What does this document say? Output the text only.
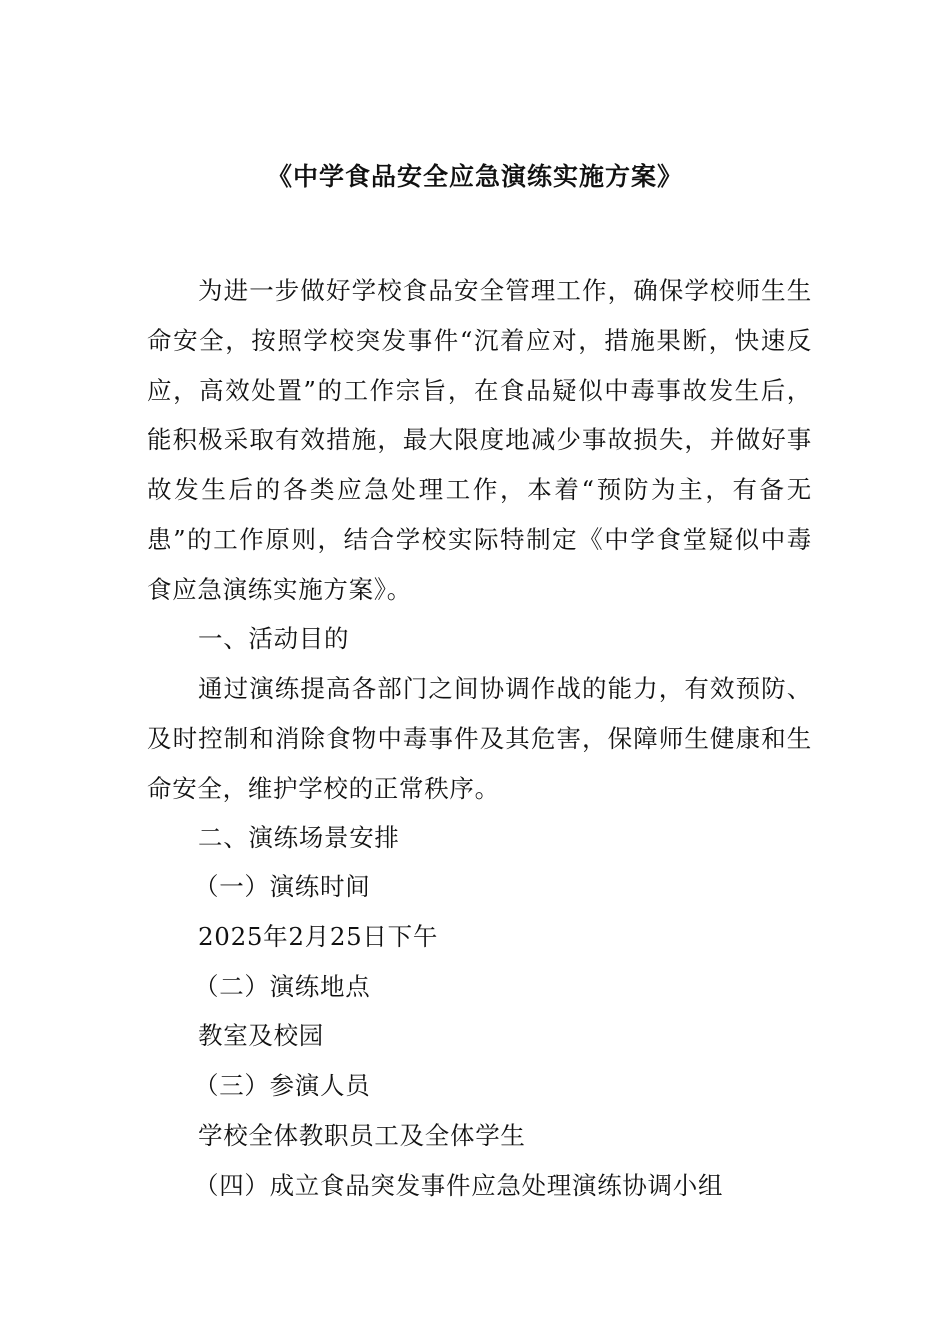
《中学食品安全应急演练实施方案》

为进一步做好学校食品安全管理工作，确保学校师生生命安全，按照学校突发事件“沉着应对，措施果断，快速反应，高效处置”的工作宗旨，在食品疑似中毒事故发生后，能积极采取有效措施，最大限度地减少事故损失，并做好事故发生后的各类应急处理工作，本着“预防为主，有备无患”的工作原则，结合学校实际特制定《中学食堂疑似中毒食应急演练实施方案》。

一、活动目的

通过演练提高各部门之间协调作战的能力，有效预防、及时控制和消除食物中毒事件及其危害，保障师生健康和生命安全，维护学校的正常秩序。

二、演练场景安排

（一）演练时间

2025年2月25日下午

（二）演练地点

教室及校园

（三）参演人员

学校全体教职员工及全体学生

（四）成立食品突发事件应急处理演练协调小组
